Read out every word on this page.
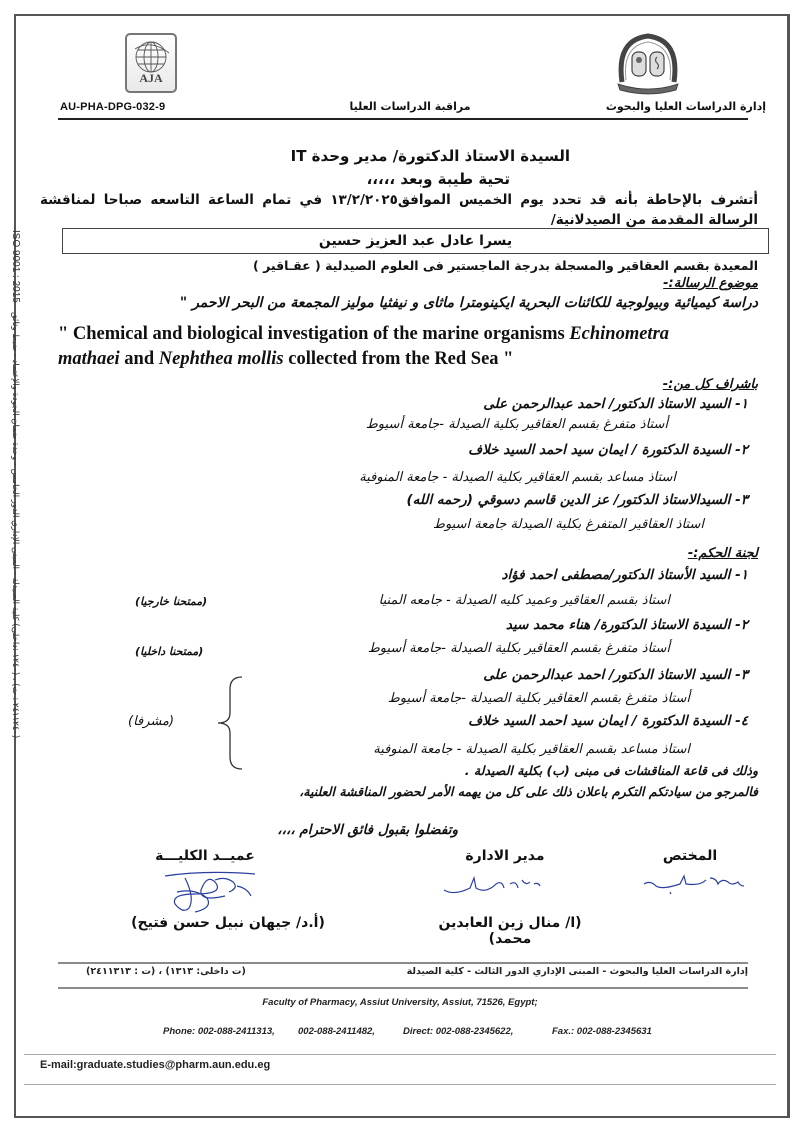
AJA
AU-PHA-DPG-032-9	مراقبة الدراسات العليا	إدارة الدراسات العليا والبحوث
ISO 9001 : 2015 (٢٤١١٢٤٠ : ت) ، (١٢٤٠ :داخلى) كلية الصيدلة - المبنى الإداري الدور الخامس - وحدة ضمان الجودة والإعتماد - ضبط وثائق
السيدة الاستاذ الدكتورة/ مدير وحدة IT
تحية طيبة وبعد ،،،،،
أتشرف بالإحاطة بأنه قد تحدد يوم الخميس الموافق١٣/٢/٢٠٢٥ في تمام الساعة التاسعه صباحا لمناقشة الرسالة المقدمة من الصيدلانية/
يسرا عادل عبد العزيز حسين
المعيدة بقسم العقاقير والمسجلة بدرجة الماجستير فى العلوم الصيدلية ( عقـاقير )
موضوع الرسالة:-
دراسة كيميائية وبيولوجية للكائنات البحرية ايكينومترا ماثاى و نيفثيا موليز المجمعة من البحر الاحمر "
" Chemical and biological investigation of the marine organisms Echinometra
mathaei and Nephthea mollis collected from the Red Sea "
باشراف كل من:-
١- السيد الاستاذ الدكتور/ احمد عبدالرحمن على
أستاذ متفرغ بقسم العقاقير بكلية الصيدلة -جامعة أسيوط
٢- السيدة الدكتورة / ايمان سيد احمد السيد خلاف
استاذ مساعد بقسم العقاقير بكلية الصيدلة - جامعة المنوفية
٣- السيدالاستاذ الدكتور/ عز الدين قاسم دسوقي (رحمه الله)
استاذ العقاقير المتفرغ بكلية الصيدلة جامعة اسيوط
لجنة الحكم:-
١- السيد الأستاذ الدكتور/مصطفى احمد فؤاد
استاذ بقسم العقاقير وعميد كليه الصيدلة - جامعه المنيا
(ممتحنا خارجيا)
٢- السيدة الاستاذ الدكتورة/ هناء محمد سيد
أستاذ متفرغ بقسم العقاقير بكلية الصيدلة -جامعة أسيوط
(ممتحنا داخليا)
٣- السيد الاستاذ الدكتور/ احمد عبدالرحمن على
أستاذ متفرغ بقسم العقاقير بكلية الصيدلة -جامعة أسيوط
٤- السيدة الدكتورة / ايمان سيد احمد السيد خلاف
استاذ مساعد بقسم العقاقير بكلية الصيدلة - جامعة المنوفية
(مشرفا)
وذلك فى قاعة المناقشات فى مبنى (ب) بكلية الصيدلة .
فالمرجو من سيادتكم التكرم باعلان ذلك على كل من يهمه الأمر لحضور المناقشة العلنية،
وتفضلوا بقبول فائق الاحترام ،،،،
عميــد الكليـــة	مدير الادارة	المختص
(أ.د/ جيهان نبيل حسن فتيح)	(ا/ منال زين العابدين محمد)
إدارة الدراسات العليا والبحوث - المبنى الإداري الدور الثالث - كلية الصيدلة
(ت داخلى: ١٣١٣) ، (ت : ٢٤١١٣١٣)
Faculty of Pharmacy, Assiut University, Assiut, 71526, Egypt;
Phone: 002-088-2411313, 002-088-2411482,	Direct: 002-088-2345622,	Fax.: 002-088-2345631
E-mail:graduate.studies@pharm.aun.edu.eg
